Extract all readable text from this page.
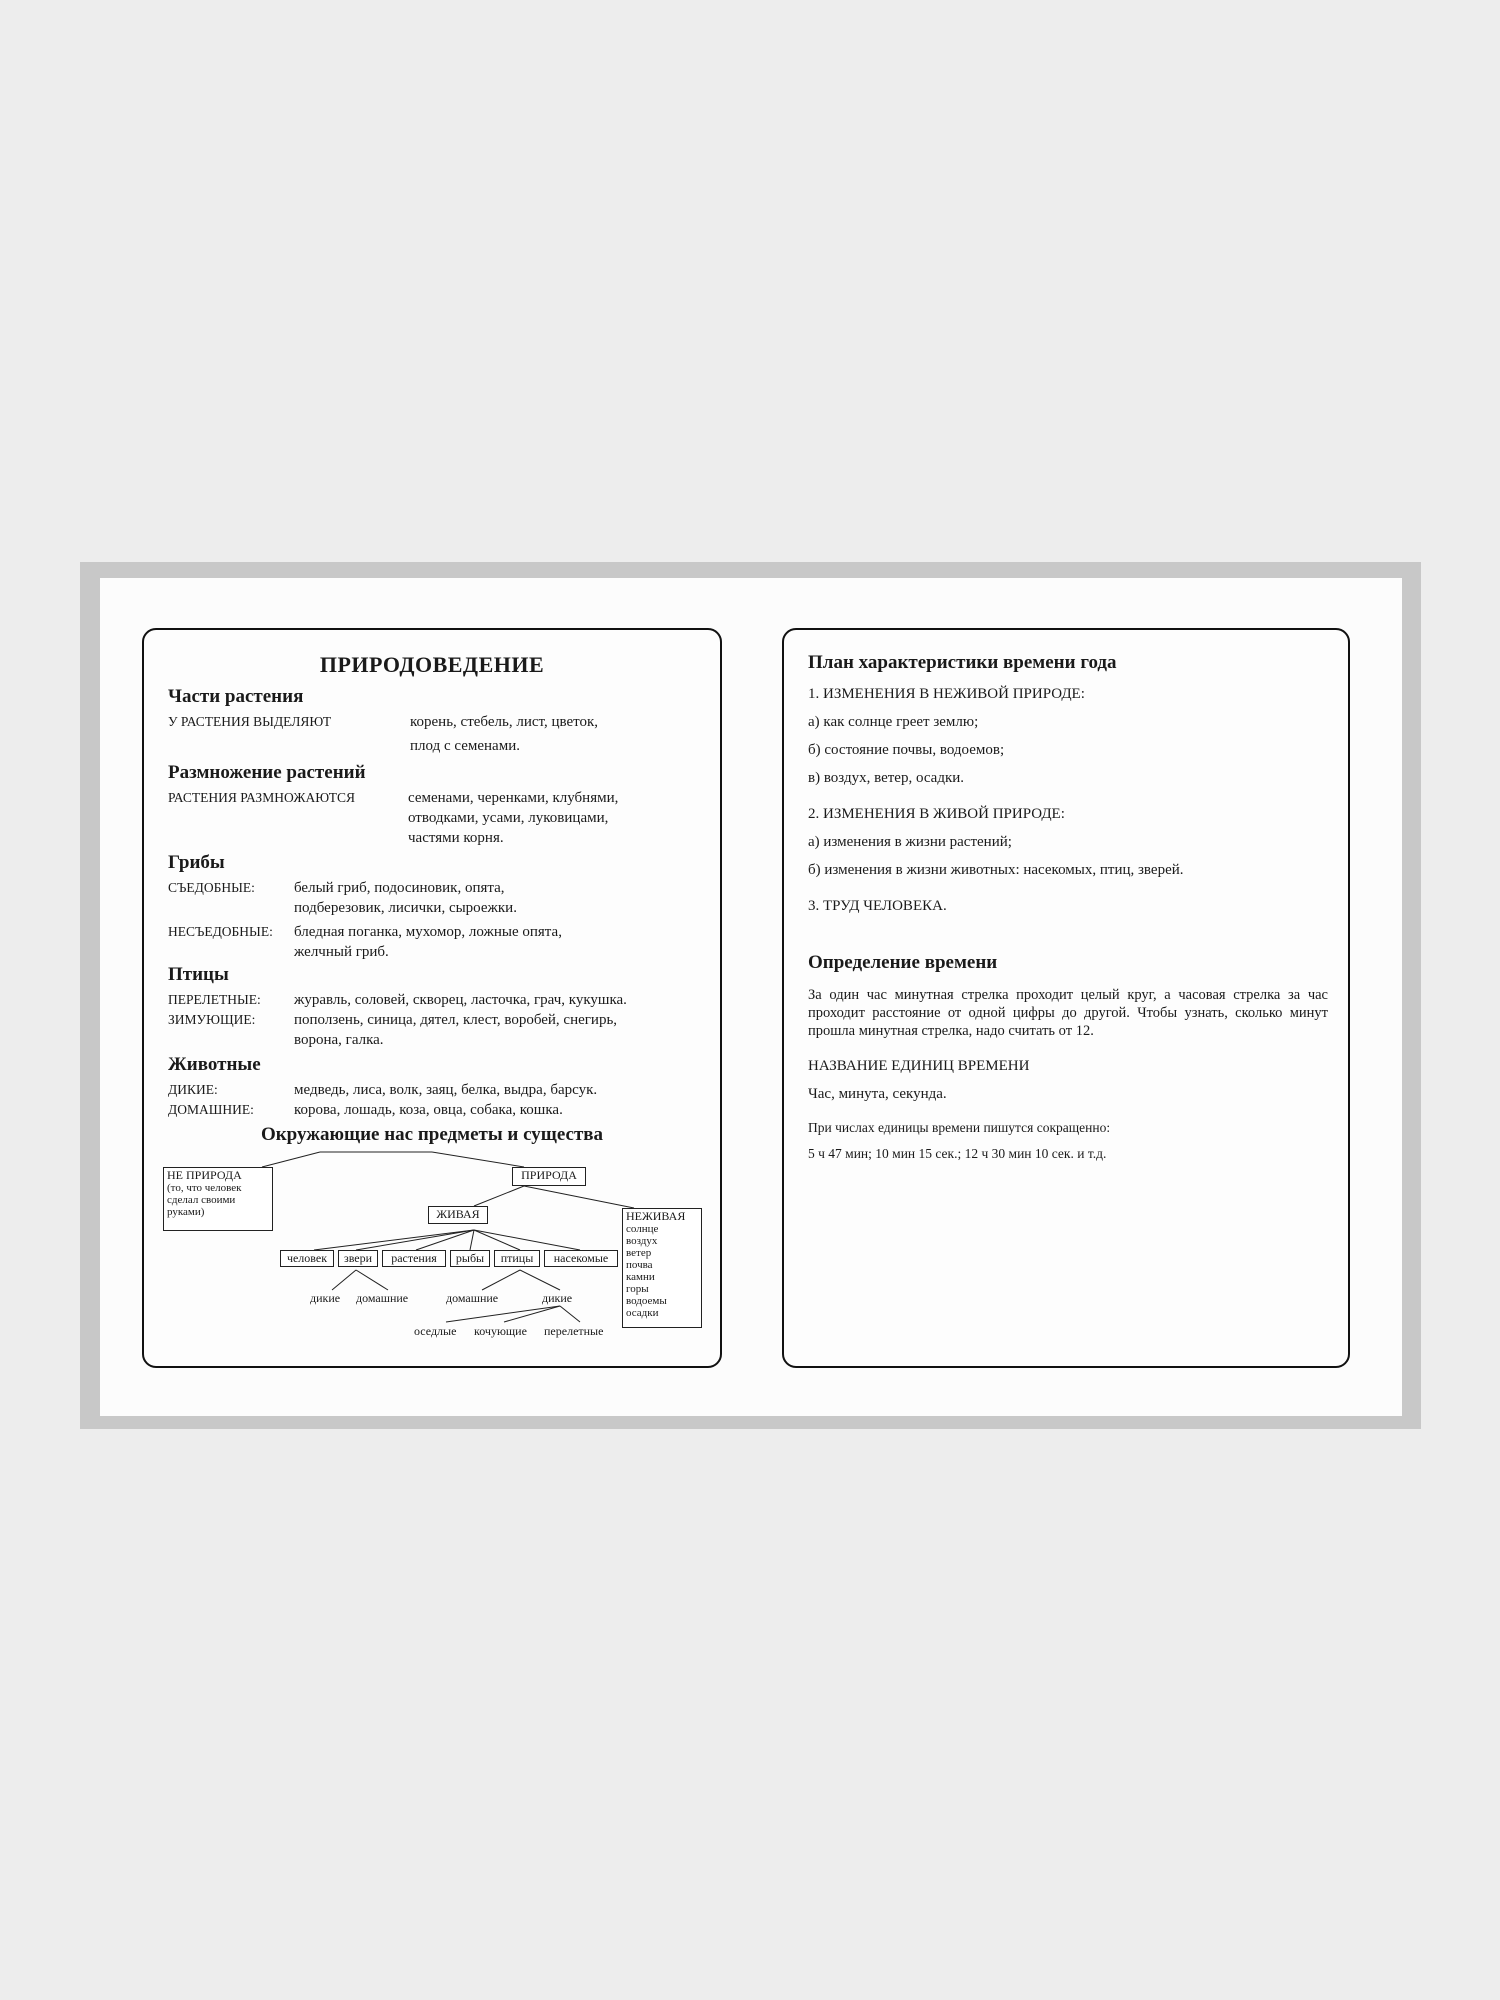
ПРИРОДОВЕДЕНИЕ
Части растения
У РАСТЕНИЯ ВЫДЕЛЯЮТ	корень, стебель, лист, цветок,
плод с семенами.
Размножение растений
РАСТЕНИЯ РАЗМНОЖАЮТСЯ	семенами, черенками, клубнями,
отводками, усами, луковицами,
частями корня.
Грибы
СЪЕДОБНЫЕ:	белый гриб, подосиновик, опята,
подберезовик, лисички, сыроежки.
НЕСЪЕДОБНЫЕ: бледная поганка, мухомор, ложные опята,
желчный гриб.
Птицы
ПЕРЕЛЕТНЫЕ: журавль, соловей, скворец, ласточка, грач, кукушка.
ЗИМУЮЩИЕ:	поползень, синица, дятел, клест, воробей, снегирь,
ворона, галка.
Животные
ДИКИЕ:	медведь, лиса, волк, заяц, белка, выдра, барсук.
ДОМАШНИЕ:	корова, лошадь, коза, овца, собака, кошка.
Окружающие нас предметы и существа
НЕ ПРИРОДА
(то, что человек
сделал своими
руками)
ПРИРОДА
ЖИВАЯ	НЕЖИВАЯ
солнце
воздух
ветер
почва
камни
горы
водоемы
осадки
человек	звери	растения	рыбы	птицы	насекомые
дикие домашние	домашние	дикие
оседлые кочующие перелетные
План характеристики времени года
1. ИЗМЕНЕНИЯ В НЕЖИВОЙ ПРИРОДЕ:
а) как солнце греет землю;
б) состояние почвы, водоемов;
в) воздух, ветер, осадки.
2. ИЗМЕНЕНИЯ В ЖИВОЙ ПРИРОДЕ:
а) изменения в жизни растений;
б) изменения в жизни животных: насекомых, птиц, зверей.
3. ТРУД ЧЕЛОВЕКА.
Определение времени
За один час минутная стрелка проходит целый круг, а часовая стрелка за час проходит расстояние от одной цифры до другой. Чтобы узнать, сколько минут прошла минутная стрелка, надо считать от 12.
НАЗВАНИЕ ЕДИНИЦ ВРЕМЕНИ
Час, минута, секунда.
При числах единицы времени пишутся сокращенно:
5 ч 47 мин; 10 мин 15 сек.; 12 ч 30 мин 10 сек. и т.д.
